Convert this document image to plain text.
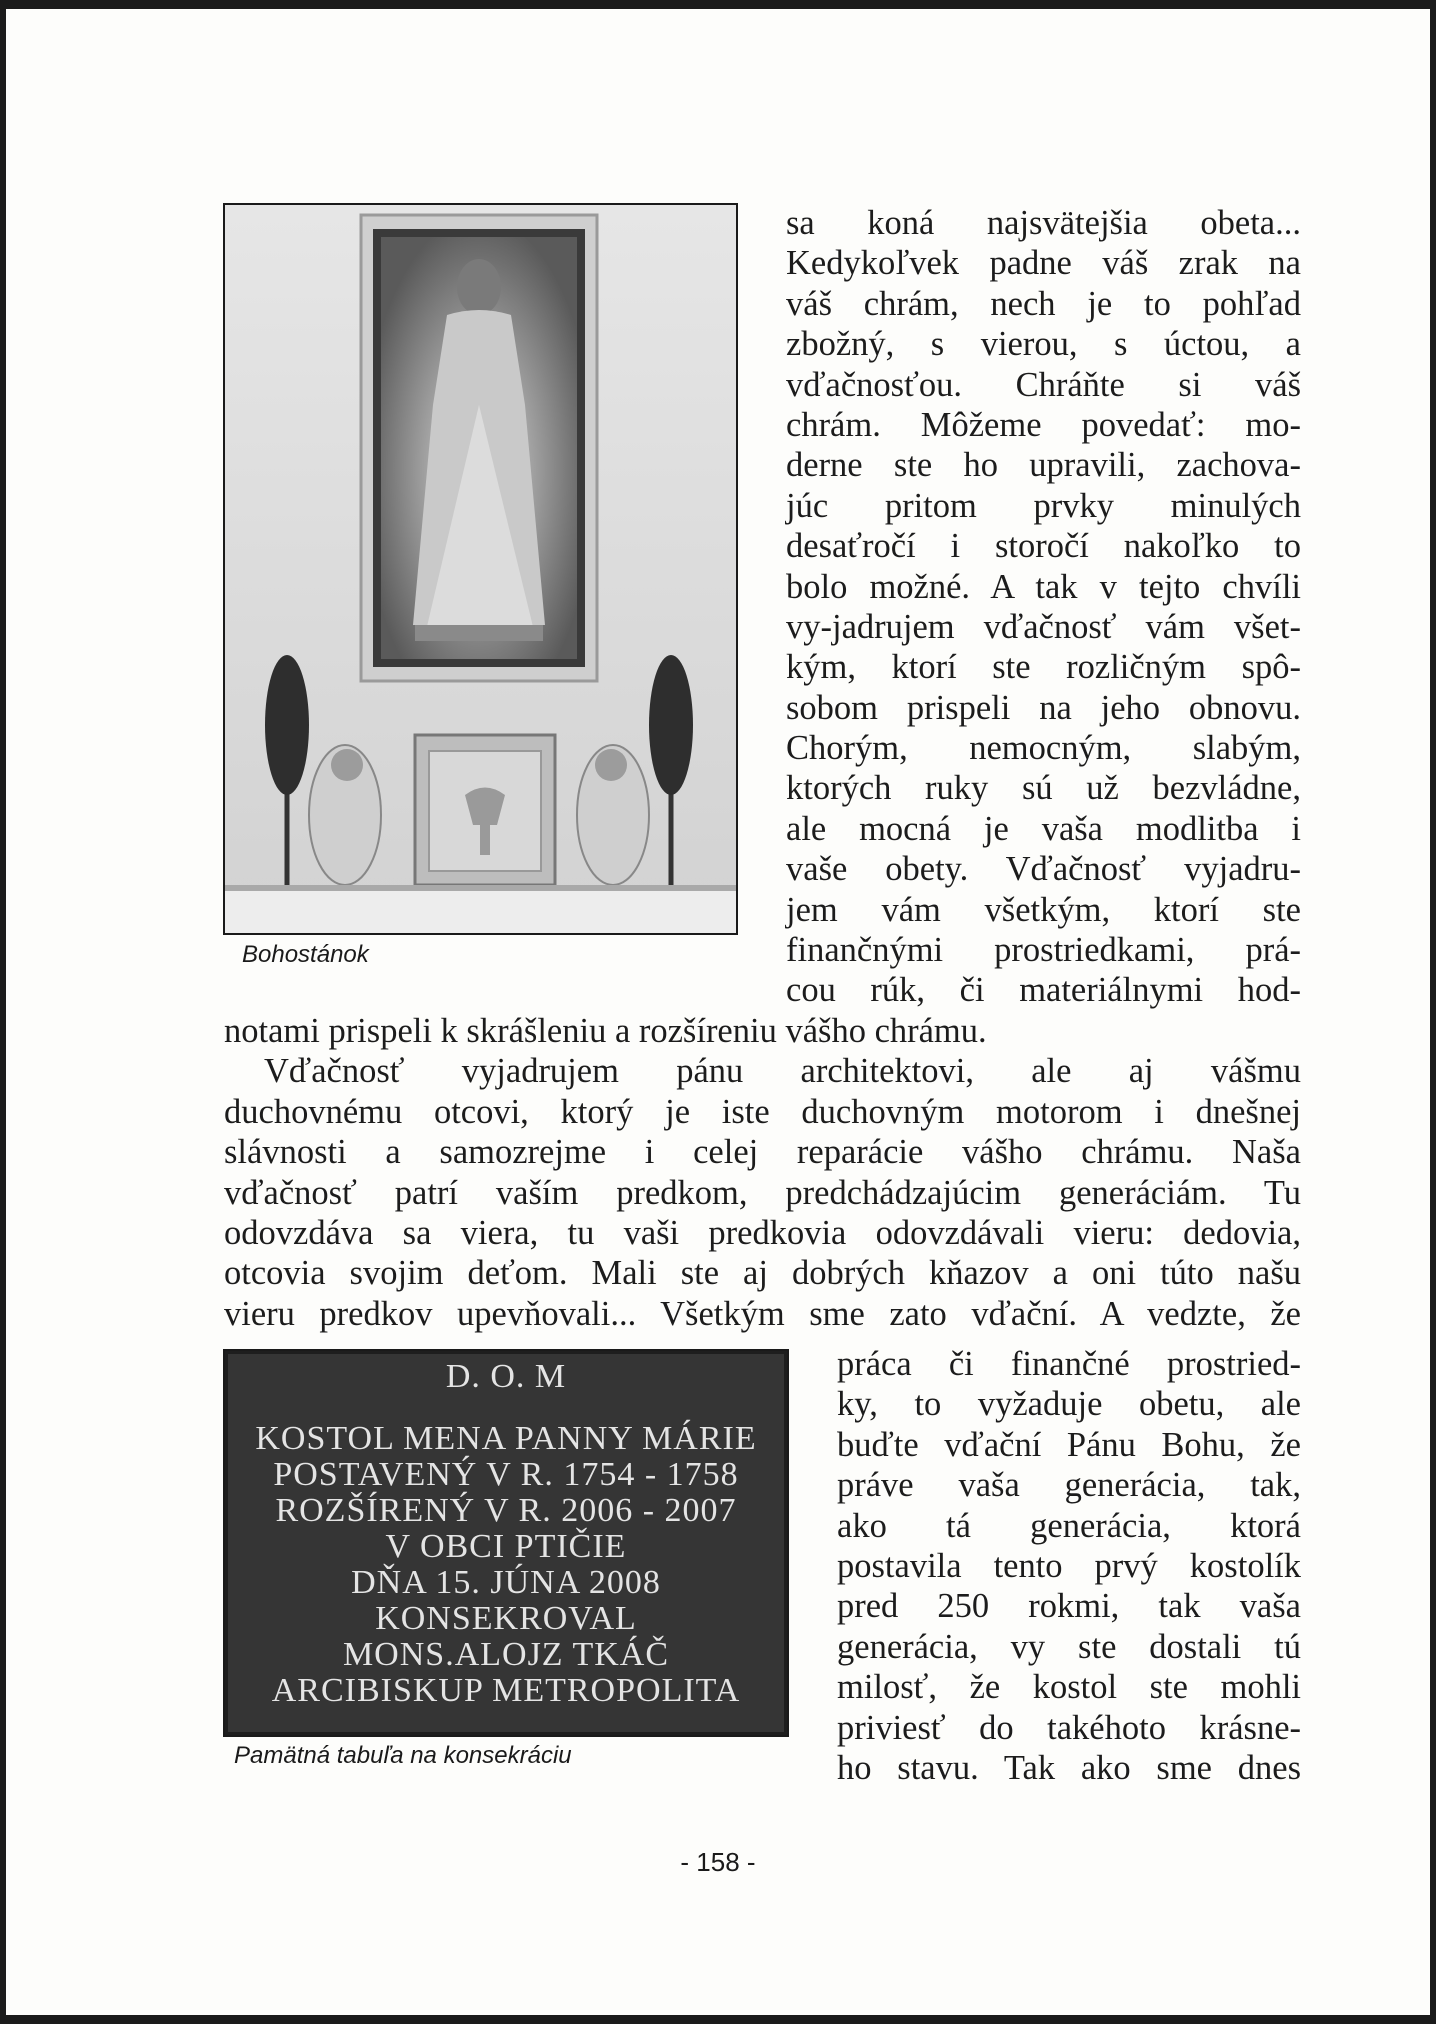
Bohostánok
sa koná najsvätejšia obeta...
Kedykoľvek padne váš zrak na
váš chrám, nech je to pohľad
zbožný, s vierou, s úctou, a
vďačnosťou. Chráňte si váš
chrám. Môžeme povedať: mo-
derne ste ho upravili, zachova-
júc pritom prvky minulých
desaťročí i storočí nakoľko to
bolo možné. A tak v tejto chvíli
vy-jadrujem vďačnosť vám všet-
kým, ktorí ste rozličným spô-
sobom prispeli na jeho obnovu.
Chorým, nemocným, slabým,
ktorých ruky sú už bezvládne,
ale mocná je vaša modlitba i
vaše obety. Vďačnosť vyjadru-
jem vám všetkým, ktorí ste
finančnými prostriedkami, prá-
cou rúk, či materiálnymi hod-
notami prispeli k skrášleniu a rozšíreniu vášho chrámu.
Vďačnosť vyjadrujem pánu architektovi, ale aj vášmu
duchovnému otcovi, ktorý je iste duchovným motorom i dnešnej
slávnosti a samozrejme i celej reparácie vášho chrámu. Naša
vďačnosť patrí vaším predkom, predchádzajúcim generáciám. Tu
odovzdáva sa viera, tu vaši predkovia odovzdávali vieru: dedovia,
otcovia svojim deťom. Mali ste aj dobrých kňazov a oni túto našu
vieru predkov upevňovali... Všetkým sme zato vďační. A vedzte, že
D. O. M
KOSTOL MENA PANNY MÁRIE
POSTAVENÝ V R. 1754 - 1758
ROZŠÍRENÝ V R. 2006 - 2007
V OBCI PTIČIE
DŇA 15. JÚNA 2008
KONSEKROVAL
MONS.ALOJZ TKÁČ
ARCIBISKUP METROPOLITA
Pamätná tabuľa na konsekráciu
práca či finančné prostried-
ky, to vyžaduje obetu, ale
buďte vďační Pánu Bohu, že
práve vaša generácia, tak,
ako tá generácia, ktorá
postavila tento prvý kostolík
pred 250 rokmi, tak vaša
generácia, vy ste dostali tú
milosť, že kostol ste mohli
priviesť do takéhoto krásne-
ho stavu. Tak ako sme dnes
- 158 -
